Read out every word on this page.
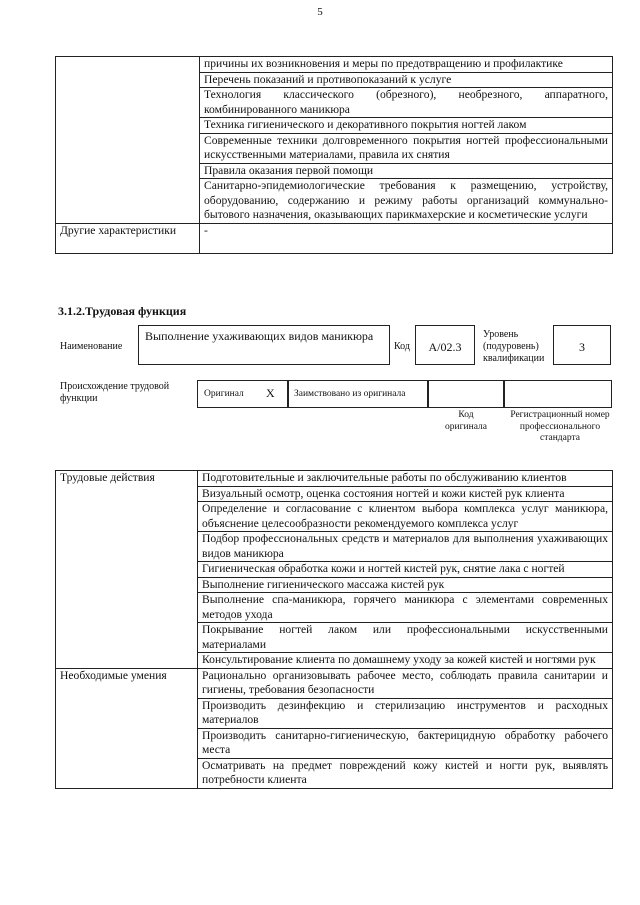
5
	причины их возникновения и меры по предотвращению и профилактике
	Перечень показаний и противопоказаний к услуге
	Технология классического (обрезного), необрезного, аппаратного, комбинированного маникюра
	Техника гигиенического и декоративного покрытия ногтей лаком
	Современные техники долговременного покрытия ногтей профессиональными искусственными материалами, правила их снятия
	Правила оказания первой помощи
	Санитарно-эпидемиологические требования к размещению, устройству, оборудованию, содержанию и режиму работы организаций коммунально-бытового назначения, оказывающих парикмахерские и косметические услуги
Другие характеристики	-
3.1.2.Трудовая функция
Наименование
Выполнение ухаживающих видов маникюра
Код	A/02.3
Уровень (подуровень) квалификации
3
Происхождение трудовой функции	Оригинал	X	Заимствовано из оригинала
Код оригинала
Регистрационный номер профессионального стандарта
Трудовые действия	Подготовительные и заключительные работы по обслуживанию клиентов
	Визуальный осмотр, оценка состояния ногтей и кожи кистей рук клиента
	Определение и согласование с клиентом выбора комплекса услуг маникюра, объяснение целесообразности рекомендуемого комплекса услуг
	Подбор профессиональных средств и материалов для выполнения ухаживающих видов маникюра
	Гигиеническая обработка кожи и ногтей кистей рук, снятие лака с ногтей
	Выполнение гигиенического массажа кистей рук
	Выполнение спа-маникюра, горячего маникюра с элементами современных методов ухода
	Покрывание ногтей лаком или профессиональными искусственными материалами
	Консультирование клиента по домашнему уходу за кожей кистей и ногтями рук
Необходимые умения	Рационально организовывать рабочее место, соблюдать правила санитарии и гигиены, требования безопасности
	Производить дезинфекцию и стерилизацию инструментов и расходных материалов
	Производить санитарно-гигиеническую, бактерицидную обработку рабочего места
	Осматривать на предмет повреждений кожу кистей и ногти рук, выявлять потребности клиента
